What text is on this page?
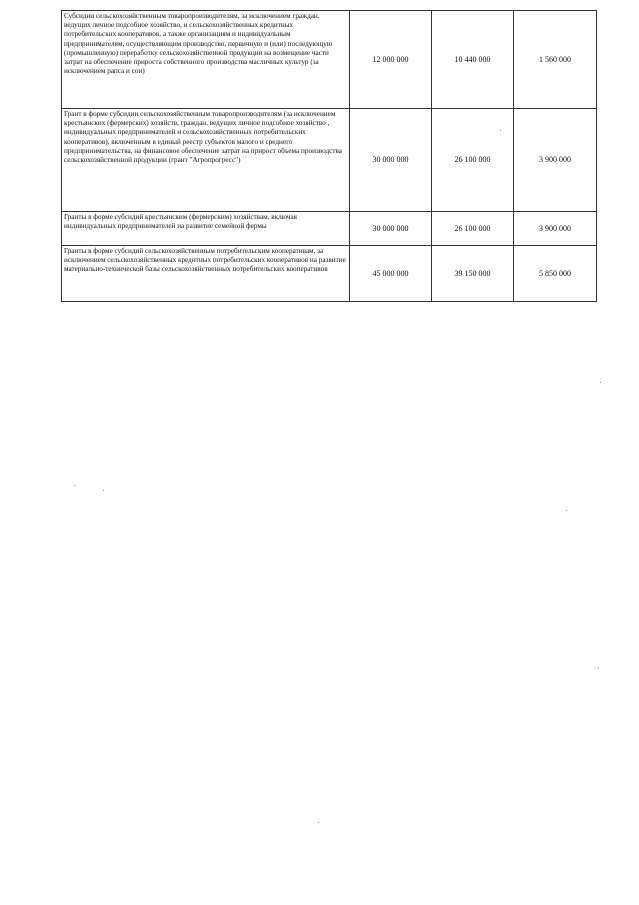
Субсидии сельскохозяйственным товаропроизводителям, за исключением граждан, ведущих личное подсобное хозяйство, и сельскохозяйственных кредитных потребительских кооперативов, а также организациям и индивидуальным предпринимателям, осуществляющим производство, первичную и (или) последующую (промышленную) переработку сельскохозяйственной продукции на возмещение части затрат на обеспечение прироста собственного производства масличных культур (за исключением рапса и сои)	12 000 000	10 440 000	1 560 000
Грант в форме субсидии сельскохозяйственным товаропроизводителям (за исключением крестьянских (фермерских) хозяйств, граждан, ведущих личное подсобное хозяйство , индивидуальных предпринимателей и сельскохозяйственных потребительских кооперативов), включенным в единый реестр субъектов малого и среднего предпринимательства, на финансовое обеспечение затрат на прирост объема производства сельскохозяйственной продукции (грант "Агропрогресс")	30 000 000	26 100 000	3 900 000
Гранты в форме субсидий крестьянским (фермерским) хозяйствам, включая индивидуальных предпринимателей на развитие семейной фермы	30 000 000	26 100 000	3 900 000
Гранты в форме субсидий сельскохозяйственным потребительским кооперативам, за исключением сельскохозяйственных кредитных потребительских кооперативов на развитие материально-технической базы сельскохозяйственных потребительских кооперативов	45 000 000	39 150 000	5 850 000
